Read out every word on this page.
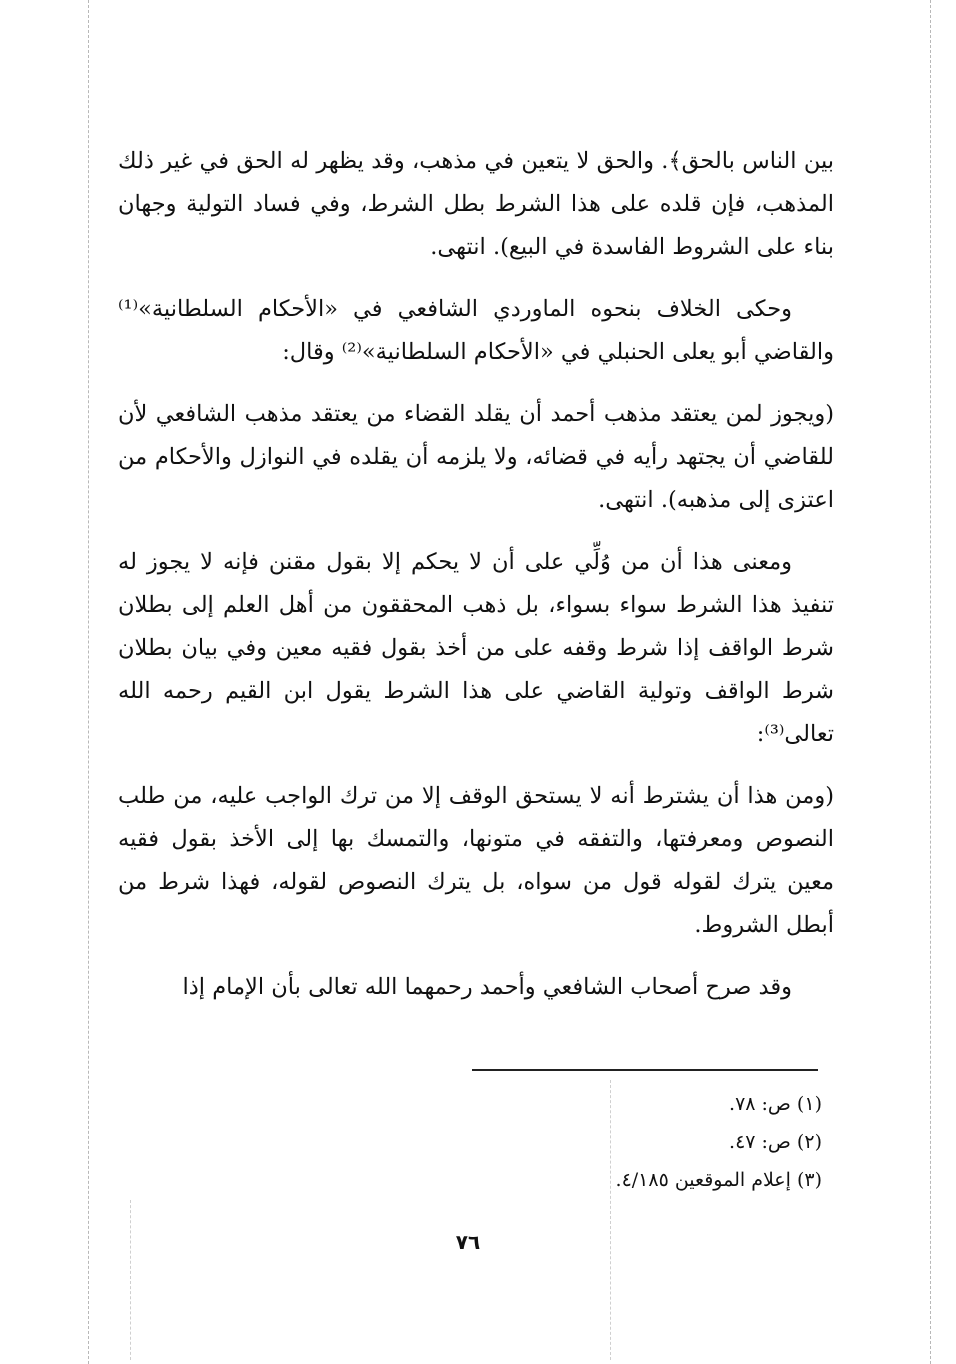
بين الناس بالحق﴾. والحق لا يتعين في مذهب، وقد يظهر له الحق في غير ذلك المذهب، فإن قلده على هذا الشرط بطل الشرط، وفي فساد التولية وجهان بناء على الشروط الفاسدة في البيع). انتهى.

وحكى الخلاف بنحوه الماوردي الشافعي في «الأحكام السلطانية»⁽¹⁾ والقاضي أبو يعلى الحنبلي في «الأحكام السلطانية»⁽²⁾ وقال:

(ويجوز لمن يعتقد مذهب أحمد أن يقلد القضاء من يعتقد مذهب الشافعي لأن للقاضي أن يجتهد رأيه في قضائه، ولا يلزمه أن يقلده في النوازل والأحكام من اعتزى إلى مذهبه). انتهى.

ومعنى هذا أن من وُلِّي على أن لا يحكم إلا بقول مقنن فإنه لا يجوز له تنفيذ هذا الشرط سواء بسواء، بل ذهب المحققون من أهل العلم إلى بطلان شرط الواقف إذا شرط وقفه على من أخذ بقول فقيه معين وفي بيان بطلان شرط الواقف وتولية القاضي على هذا الشرط يقول ابن القيم رحمه الله تعالى⁽³⁾:

(ومن هذا أن يشترط أنه لا يستحق الوقف إلا من ترك الواجب عليه، من طلب النصوص ومعرفتها، والتفقه في متونها، والتمسك بها إلى الأخذ بقول فقيه معين يترك لقوله قول من سواه، بل يترك النصوص لقوله، فهذا شرط من أبطل الشروط.

وقد صرح أصحاب الشافعي وأحمد رحمهما الله تعالى بأن الإمام إذا

(١) ص: ٧٨.

(٢) ص: ٤٧.

(٣) إعلام الموقعين ٤/١٨٥.

٧٦
